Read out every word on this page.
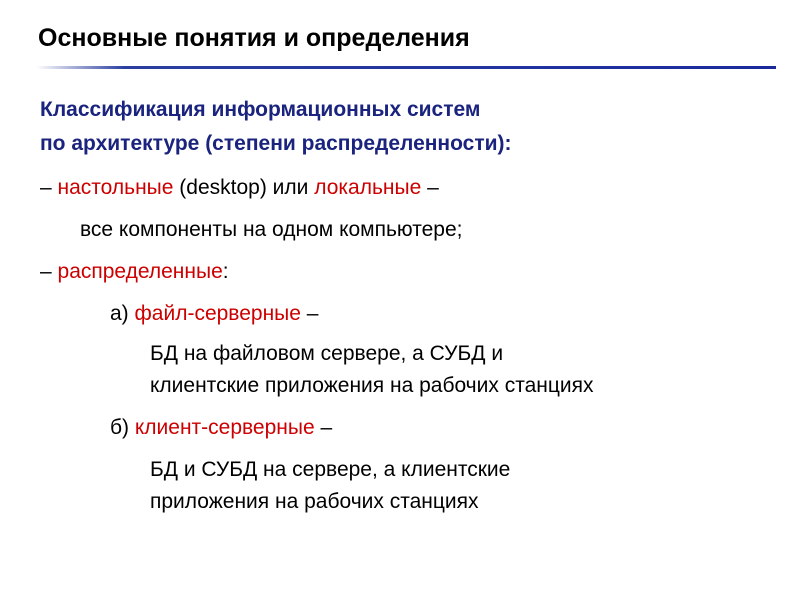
Основные понятия и определения
Классификация информационных систем
по архитектуре (степени распределенности):
– настольные (desktop) или локальные –
все компоненты на одном компьютере;
– распределенные:
а) файл-серверные –
БД на файловом сервере, а СУБД и
клиентские приложения на рабочих станциях
б) клиент-серверные –
БД и СУБД на сервере, а клиентские
приложения на рабочих станциях
